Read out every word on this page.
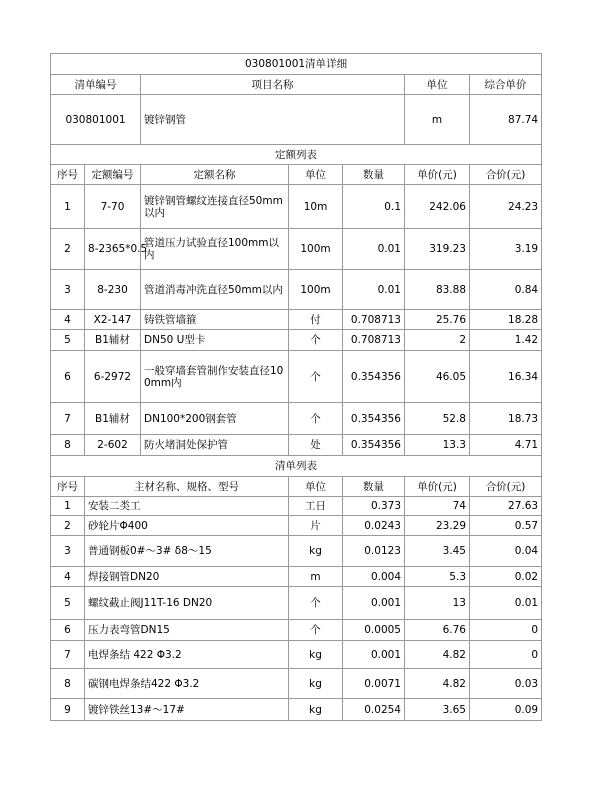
030801001清单详细						
清单编号		项目名称			单位	综合单价
030801001		镀锌钢管			m	87.74
定额列表						
序号	定额编号	定额名称	单位	数量	单价(元)	合价(元)
1	7-70	镀锌钢管螺纹连接直径50mm以内	10m	0.1	242.06	24.23
2	8-2365*0.5	管道压力试验直径100mm以内	100m	0.01	319.23	3.19
3	8-230	管道消毒冲洗直径50mm以内	100m	0.01	83.88	0.84
4	X2-147	铸铁管墙箍	付	0.708713	25.76	18.28
5	B1辅材	DN50 U型卡	个	0.708713	2	1.42
6	6-2972	一般穿墙套管制作安装直径100mm内	个	0.354356	46.05	16.34
7	B1辅材	DN100*200钢套管	个	0.354356	52.8	18.73
8	2-602	防火堵洞处保护管	处	0.354356	13.3	4.71
清单列表						
序号	主材名称、规格、型号		单位	数量	单价(元)	合价(元)
1	安装二类工		工日	0.373	74	27.63
2	砂轮片Φ400		片	0.0243	23.29	0.57
3	普通钢板0#～3# δ8～15		kg	0.0123	3.45	0.04
4	焊接钢管DN20		m	0.004	5.3	0.02
5	螺纹截止阀J11T-16 DN20		个	0.001	13	0.01
6	压力表弯管DN15		个	0.0005	6.76	0
7	电焊条结 422 Φ3.2		kg	0.001	4.82	0
8	碳钢电焊条结422 Φ3.2		kg	0.0071	4.82	0.03
9	镀锌铁丝13#～17#		kg	0.0254	3.65	0.09
